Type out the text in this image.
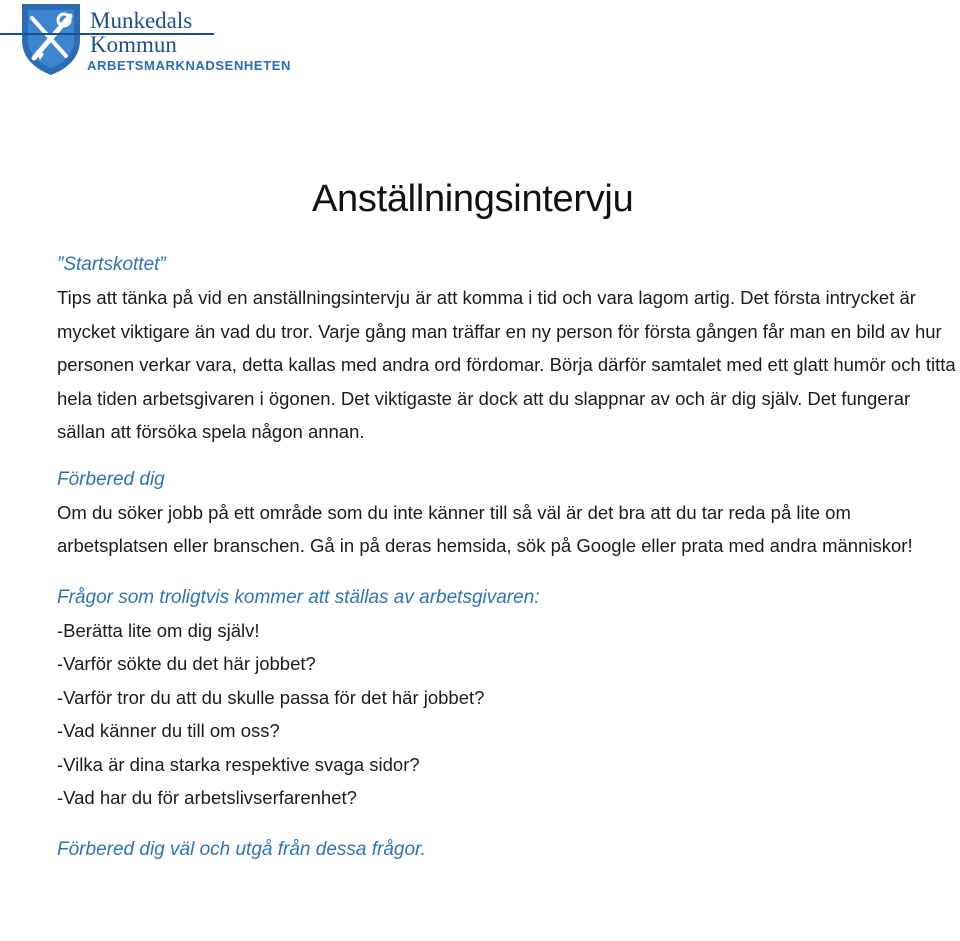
Munkedals
Kommun
ARBETSMARKNADSENHETEN
Anställningsintervju

”Startskottet”

Tips att tänka på vid en anställningsintervju är att komma i tid och vara lagom artig. Det första intrycket är mycket viktigare än vad du tror. Varje gång man träffar en ny person för första gången får man en bild av hur personen verkar vara, detta kallas med andra ord fördomar. Börja därför samtalet med ett glatt humör och titta hela tiden arbetsgivaren i ögonen. Det viktigaste är dock att du slappnar av och är dig själv. Det fungerar sällan att försöka spela någon annan.

Förbered dig

Om du söker jobb på ett område som du inte känner till så väl är det bra att du tar reda på lite om arbetsplatsen eller branschen. Gå in på deras hemsida, sök på Google eller prata med andra människor!

Frågor som troligtvis kommer att ställas av arbetsgivaren:

-Berätta lite om dig själv!
-Varför sökte du det här jobbet?
-Varför tror du att du skulle passa för det här jobbet?
-Vad känner du till om oss?
-Vilka är dina starka respektive svaga sidor?
-Vad har du för arbetslivserfarenhet?

Förbered dig väl och utgå från dessa frågor.
